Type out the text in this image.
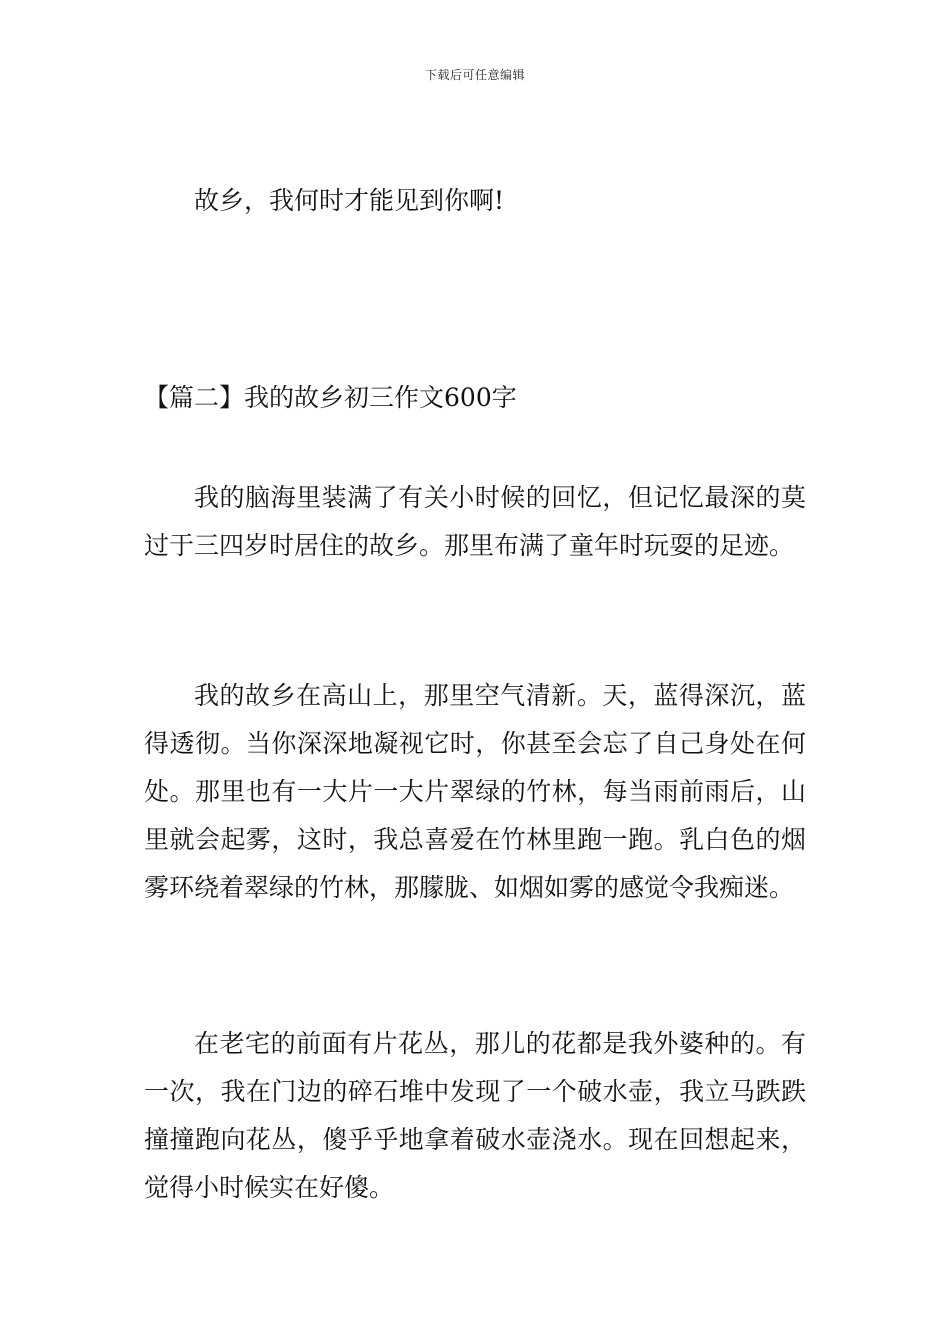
下载后可任意编辑

故乡，我何时才能见到你啊!

【篇二】我的故乡初三作文600字

我的脑海里装满了有关小时候的回忆，但记忆最深的莫过于三四岁时居住的故乡。那里布满了童年时玩耍的足迹。

我的故乡在高山上，那里空气清新。天，蓝得深沉，蓝得透彻。当你深深地凝视它时，你甚至会忘了自己身处在何处。那里也有一大片一大片翠绿的竹林，每当雨前雨后，山里就会起雾，这时，我总喜爱在竹林里跑一跑。乳白色的烟雾环绕着翠绿的竹林，那朦胧、如烟如雾的感觉令我痴迷。

在老宅的前面有片花丛，那儿的花都是我外婆种的。有一次，我在门边的碎石堆中发现了一个破水壶，我立马跌跌撞撞跑向花丛，傻乎乎地拿着破水壶浇水。现在回想起来，觉得小时候实在好傻。
